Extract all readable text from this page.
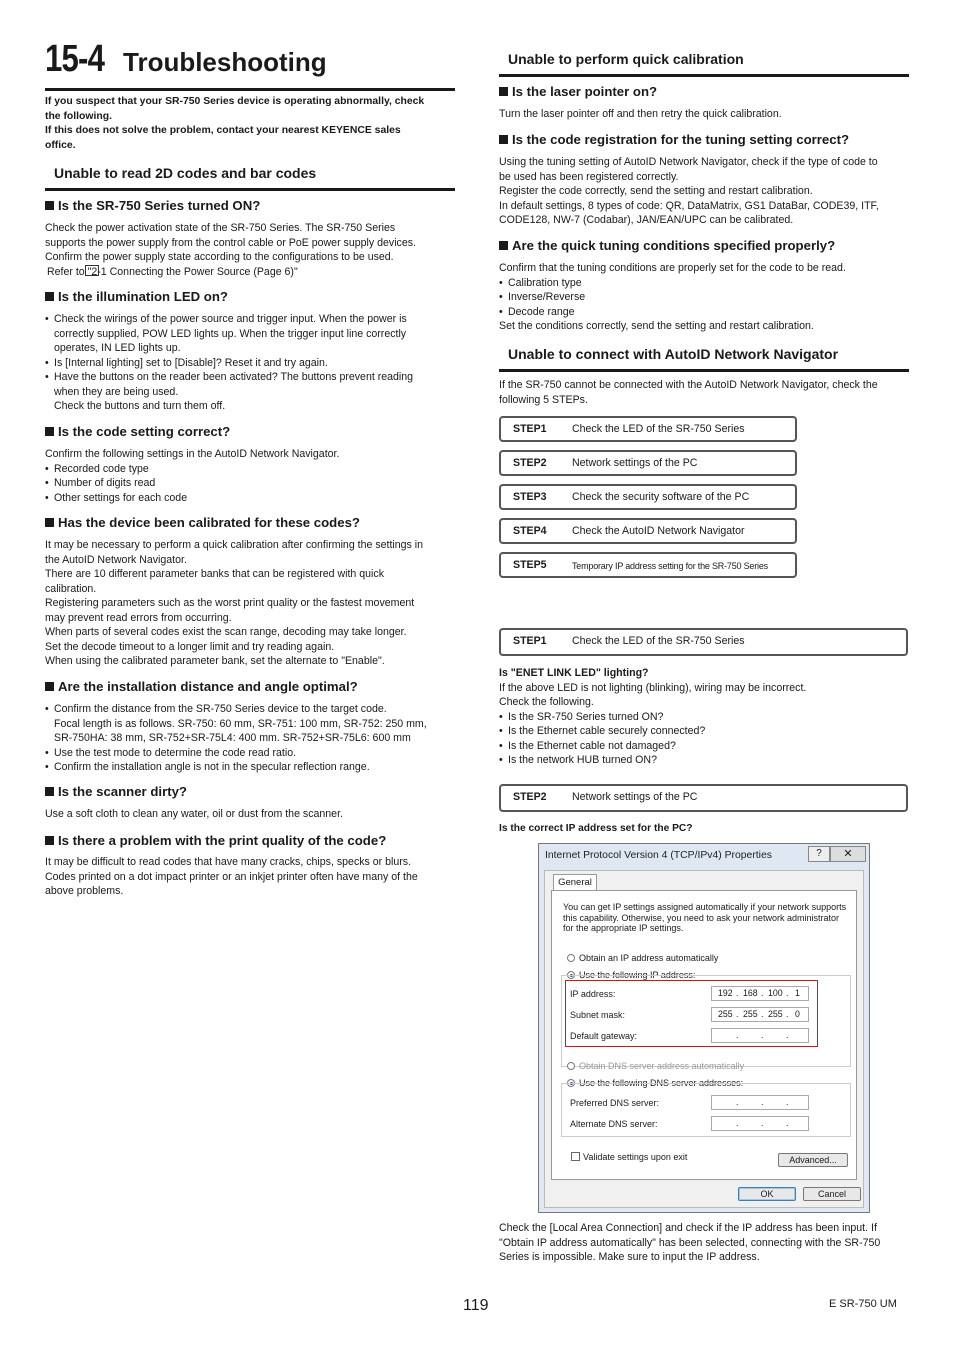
15-4 Troubleshooting
If you suspect that your SR-750 Series device is operating abnormally, check
the following.
If this does not solve the problem, contact your nearest KEYENCE sales
office.
Unable to read 2D codes and bar codes
Is the SR-750 Series turned ON?
Check the power activation state of the SR-750 Series. The SR-750 Series
supports the power supply from the control cable or PoE power supply devices.
Confirm the power supply state according to the configurations to be used.
Refer to "2-1 Connecting the Power Source (Page 6)"
Is the illumination LED on?
• Check the wirings of the power source and trigger input. When the power is
correctly supplied, POW LED lights up. When the trigger input line correctly
operates, IN LED lights up.
• Is [Internal lighting] set to [Disable]? Reset it and try again.
• Have the buttons on the reader been activated? The buttons prevent reading
when they are being used.
Check the buttons and turn them off.
Is the code setting correct?
Confirm the following settings in the AutoID Network Navigator.
• Recorded code type
• Number of digits read
• Other settings for each code
Has the device been calibrated for these codes?
It may be necessary to perform a quick calibration after confirming the settings in
the AutoID Network Navigator.
There are 10 different parameter banks that can be registered with quick
calibration.
Registering parameters such as the worst print quality or the fastest movement
may prevent read errors from occurring.
When parts of several codes exist the scan range, decoding may take longer.
Set the decode timeout to a longer limit and try reading again.
When using the calibrated parameter bank, set the alternate to "Enable".
Are the installation distance and angle optimal?
• Confirm the distance from the SR-750 Series device to the target code.
Focal length is as follows. SR-750: 60 mm, SR-751: 100 mm, SR-752: 250 mm,
SR-750HA: 38 mm, SR-752+SR-75L4: 400 mm. SR-752+SR-75L6: 600 mm
• Use the test mode to determine the code read ratio.
• Confirm the installation angle is not in the specular reflection range.
Is the scanner dirty?
Use a soft cloth to clean any water, oil or dust from the scanner.
Is there a problem with the print quality of the code?
It may be difficult to read codes that have many cracks, chips, specks or blurs.
Codes printed on a dot impact printer or an inkjet printer often have many of the
above problems.
Unable to perform quick calibration
Is the laser pointer on?
Turn the laser pointer off and then retry the quick calibration.
Is the code registration for the tuning setting correct?
Using the tuning setting of AutoID Network Navigator, check if the type of code to
be used has been registered correctly.
Register the code correctly, send the setting and restart calibration.
In default settings, 8 types of code: QR, DataMatrix, GS1 DataBar, CODE39, ITF,
CODE128, NW-7 (Codabar), JAN/EAN/UPC can be calibrated.
Are the quick tuning conditions specified properly?
Confirm that the tuning conditions are properly set for the code to be read.
• Calibration type
• Inverse/Reverse
• Decode range
Set the conditions correctly, send the setting and restart calibration.
Unable to connect with AutoID Network Navigator
If the SR-750 cannot be connected with the AutoID Network Navigator, check the
following 5 STEPs.
STEP1 Check the LED of the SR-750 Series
STEP2 Network settings of the PC
STEP3 Check the security software of the PC
STEP4 Check the AutoID Network Navigator
STEP5	Temporary IP address setting for the SR-750 Series
STEP1 Check the LED of the SR-750 Series
Is "ENET LINK LED" lighting?
If the above LED is not lighting (blinking), wiring may be incorrect.
Check the following.
• Is the SR-750 Series turned ON?
• Is the Ethernet cable securely connected?
• Is the Ethernet cable not damaged?
• Is the network HUB turned ON?
STEP2 Network settings of the PC
Is the correct IP address set for the PC?
Internet Protocol Version 4 (TCP/IPv4) Properties	?	✕
General
You can get IP settings assigned automatically if your network supports
this capability. Otherwise, you need to ask your network administrator
for the appropriate IP settings.
Obtain an IP address automatically
Use the following IP address:
IP address:	192 . 168 . 100 . 1
Subnet mask:	255 . 255 . 255 . 0
Default gateway:	.	.	.
Obtain DNS server address automatically
Use the following DNS server addresses:
Preferred DNS server:	.	.	.
Alternate DNS server:	.	.	.
Validate settings upon exit	Advanced...
OK	Cancel
Check the [Local Area Connection] and check if the IP address has been input. If
"Obtain IP address automatically" has been selected, connecting with the SR-750
Series is impossible. Make sure to input the IP address.
119	E SR-750 UM
